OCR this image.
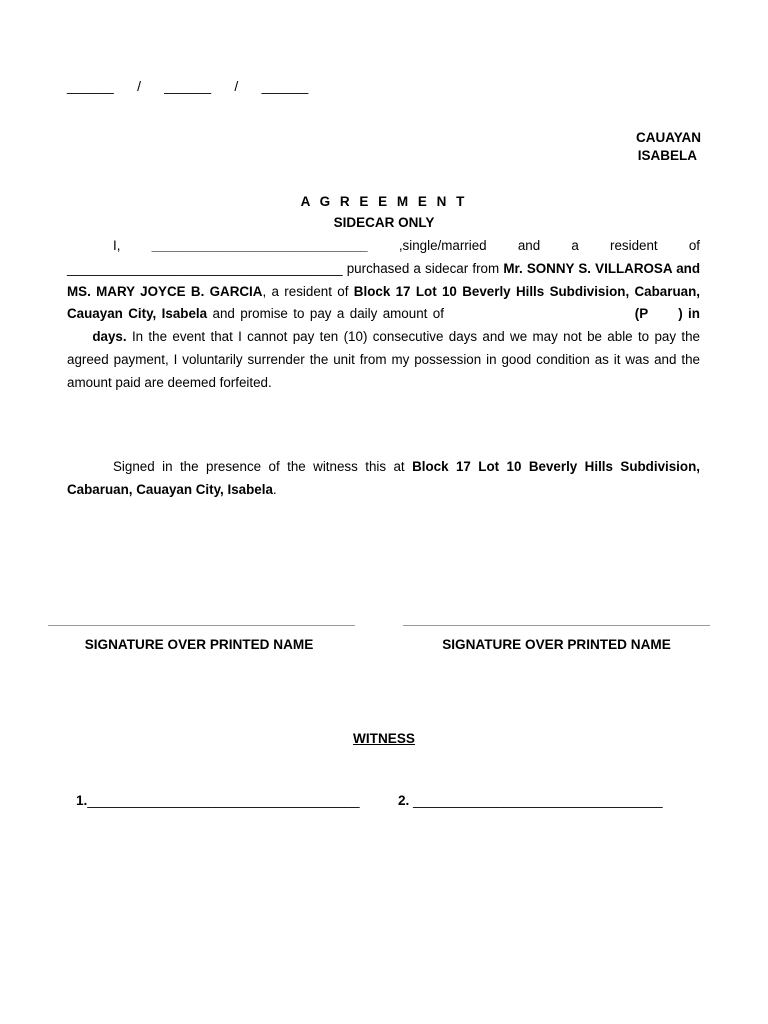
______ / ______ / ______
CAUAYAN
ISABELA
A G R E E M E N T
SIDECAR ONLY
I, _____________________________ ,single/married and a resident of _____________________________________ purchased a sidecar from Mr. SONNY S. VILLAROSA and MS. MARY JOYCE B. GARCIA, a resident of Block 17 Lot 10 Beverly Hills Subdivision, Cabaruan, Cauayan City, Isabela and promise to pay a daily amount of	(P ) in  days. In the event that I cannot pay ten (10) consecutive days and we may not be able to pay the agreed payment, I voluntarily surrender the unit from my possession in good condition as it was and the amount paid are deemed forfeited.
Signed in the presence of the witness this at Block 17 Lot 10 Beverly Hills Subdivision, Cabaruan, Cauayan City, Isabela.
SIGNATURE OVER PRINTED NAME	SIGNATURE OVER PRINTED NAME
WITNESS
1.____________________________________	2. _________________________________
